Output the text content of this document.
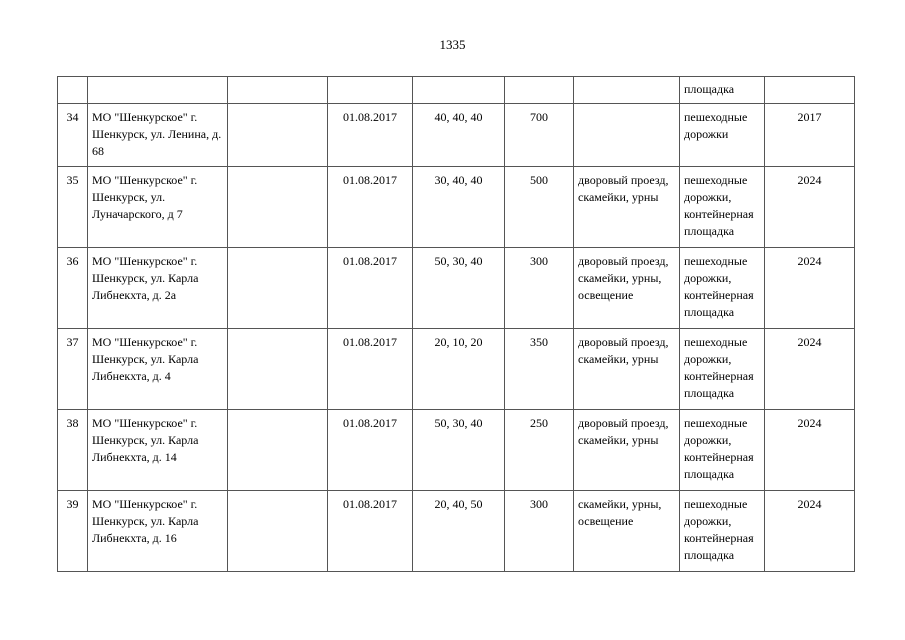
1335
							площадка	
34	МО "Шенкурское" г. Шенкурск, ул. Ленина, д. 68		01.08.2017	40, 40, 40	700		пешеходные дорожки	2017
35	МО "Шенкурское" г. Шенкурск, ул. Луначарского, д 7		01.08.2017	30, 40, 40	500	дворовый проезд, скамейки, урны	пешеходные дорожки, контейнерная площадка	2024
36	МО "Шенкурское" г. Шенкурск, ул. Карла Либнекхта, д. 2а		01.08.2017	50, 30, 40	300	дворовый проезд, скамейки, урны, освещение	пешеходные дорожки, контейнерная площадка	2024
37	МО "Шенкурское" г. Шенкурск, ул. Карла Либнекхта, д. 4		01.08.2017	20, 10, 20	350	дворовый проезд, скамейки, урны	пешеходные дорожки, контейнерная площадка	2024
38	МО "Шенкурское" г. Шенкурск, ул. Карла Либнекхта, д. 14		01.08.2017	50, 30, 40	250	дворовый проезд, скамейки, урны	пешеходные дорожки, контейнерная площадка	2024
39	МО "Шенкурское" г. Шенкурск, ул. Карла Либнекхта, д. 16		01.08.2017	20, 40, 50	300	скамейки, урны, освещение	пешеходные дорожки, контейнерная площадка	2024
